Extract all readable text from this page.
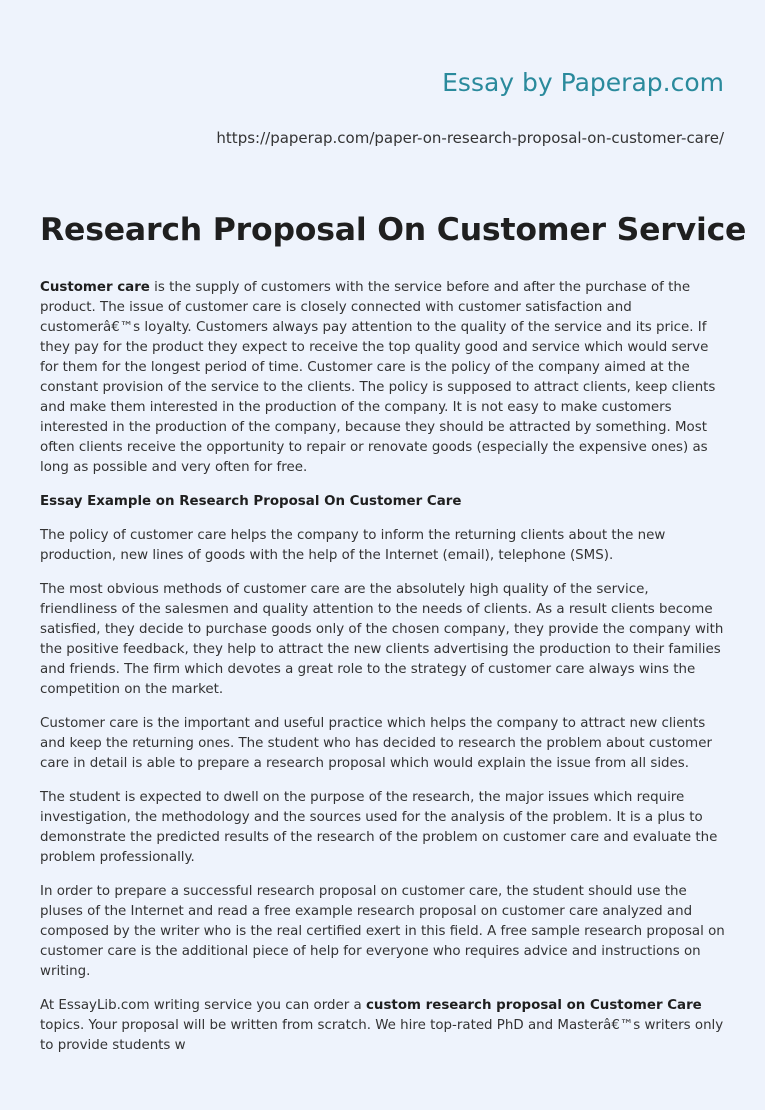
Essay by Paperap.com

https://paperap.com/paper-on-research-proposal-on-customer-care/

Research Proposal On Customer Service

Customer care is the supply of customers with the service before and after the purchase of the product. The issue of customer care is closely connected with customer satisfaction and customerâ€™s loyalty. Customers always pay attention to the quality of the service and its price. If they pay for the product they expect to receive the top quality good and service which would serve for them for the longest period of time. Customer care is the policy of the company aimed at the constant provision of the service to the clients. The policy is supposed to attract clients, keep clients and make them interested in the production of the company. It is not easy to make customers interested in the production of the company, because they should be attracted by something. Most often clients receive the opportunity to repair or renovate goods (especially the expensive ones) as long as possible and very often for free.

Essay Example on Research Proposal On Customer Care

The policy of customer care helps the company to inform the returning clients about the new production, new lines of goods with the help of the Internet (email), telephone (SMS).

The most obvious methods of customer care are the absolutely high quality of the service, friendliness of the salesmen and quality attention to the needs of clients. As a result clients become satisfied, they decide to purchase goods only of the chosen company, they provide the company with the positive feedback, they help to attract the new clients advertising the production to their families and friends. The firm which devotes a great role to the strategy of customer care always wins the competition on the market.

Customer care is the important and useful practice which helps the company to attract new clients and keep the returning ones. The student who has decided to research the problem about customer care in detail is able to prepare a research proposal which would explain the issue from all sides.

The student is expected to dwell on the purpose of the research, the major issues which require investigation, the methodology and the sources used for the analysis of the problem. It is a plus to demonstrate the predicted results of the research of the problem on customer care and evaluate the problem professionally.

In order to prepare a successful research proposal on customer care, the student should use the pluses of the Internet and read a free example research proposal on customer care analyzed and composed by the writer who is the real certified exert in this field. A free sample research proposal on customer care is the additional piece of help for everyone who requires advice and instructions on writing.

At EssayLib.com writing service you can order a custom research proposal on Customer Care topics. Your proposal will be written from scratch. We hire top-rated PhD and Masterâ€™s writers only to provide students w
